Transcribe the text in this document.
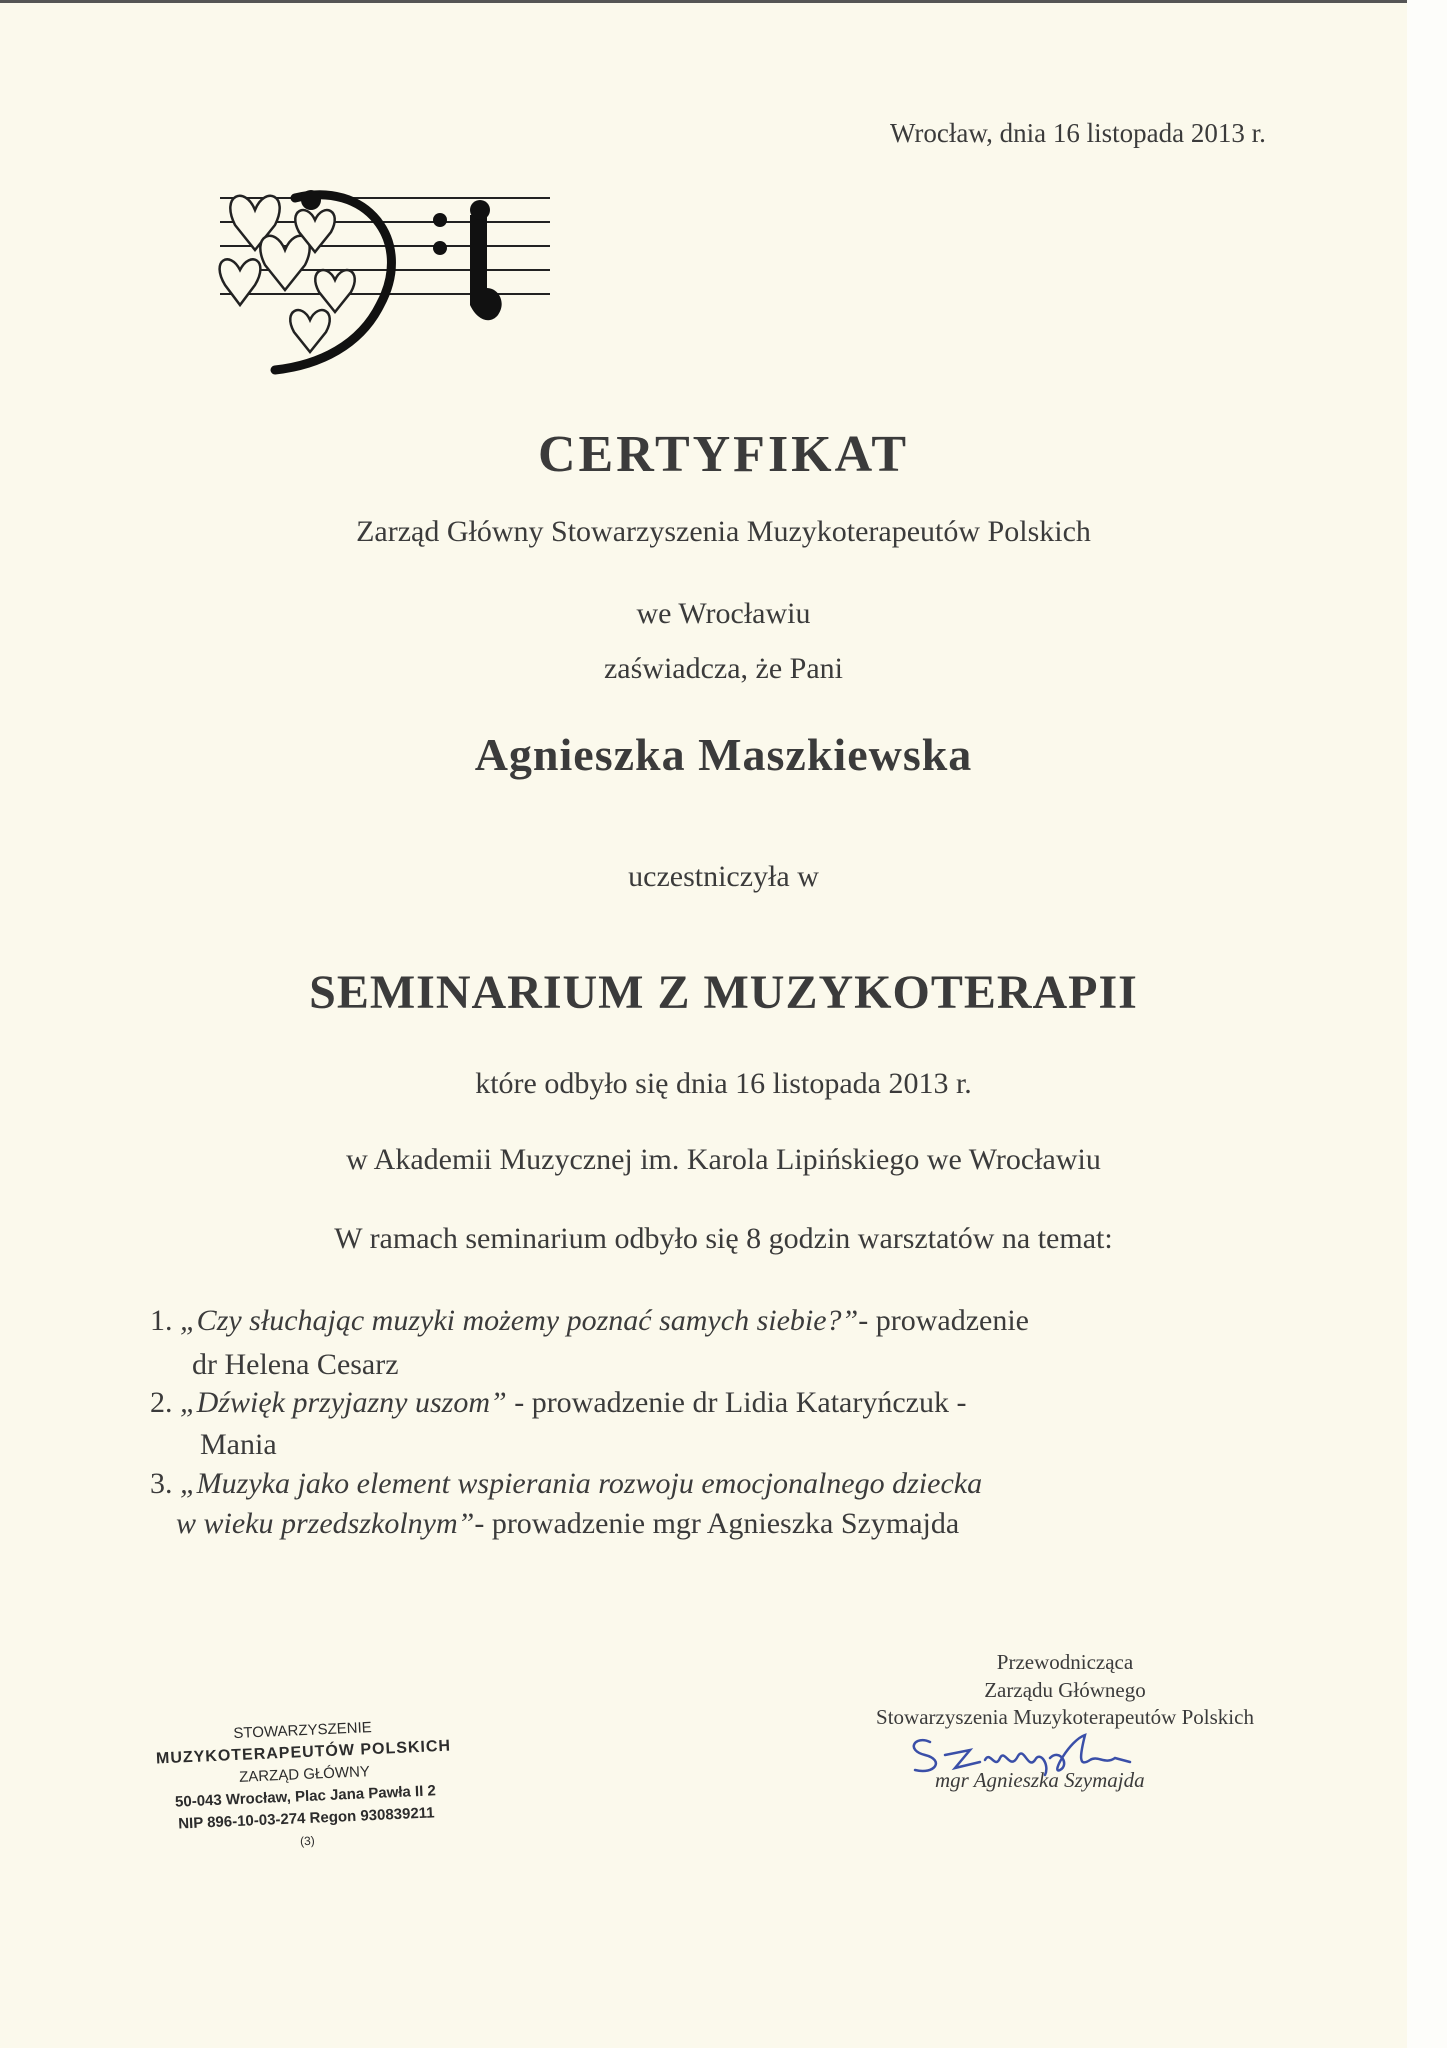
Wrocław, dnia 16 listopada 2013 r.
CERTYFIKAT
Zarząd Główny Stowarzyszenia Muzykoterapeutów Polskich
we Wrocławiu
zaświadcza, że Pani
Agnieszka Maszkiewska
uczestniczyła w
SEMINARIUM Z MUZYKOTERAPII
które odbyło się dnia 16 listopada 2013 r.
w Akademii Muzycznej im. Karola Lipińskiego we Wrocławiu
W ramach seminarium odbyło się 8 godzin warsztatów na temat:
1. „Czy słuchając muzyki możemy poznać samych siebie?”- prowadzenie
dr Helena Cesarz
2. „Dźwięk przyjazny uszom” - prowadzenie dr Lidia Kataryńczuk -
Mania
3. „Muzyka jako element wspierania rozwoju emocjonalnego dziecka
w wieku przedszkolnym”- prowadzenie mgr Agnieszka Szymajda
STOWARZYSZENIE
MUZYKOTERAPEUTÓW POLSKICH
ZARZĄD GŁÓWNY
50-043 Wrocław, Plac Jana Pawła II 2
NIP 896-10-03-274 Regon 930839211
(3)
Przewodnicząca
Zarządu Głównego
Stowarzyszenia Muzykoterapeutów Polskich
mgr Agnieszka Szymajda
